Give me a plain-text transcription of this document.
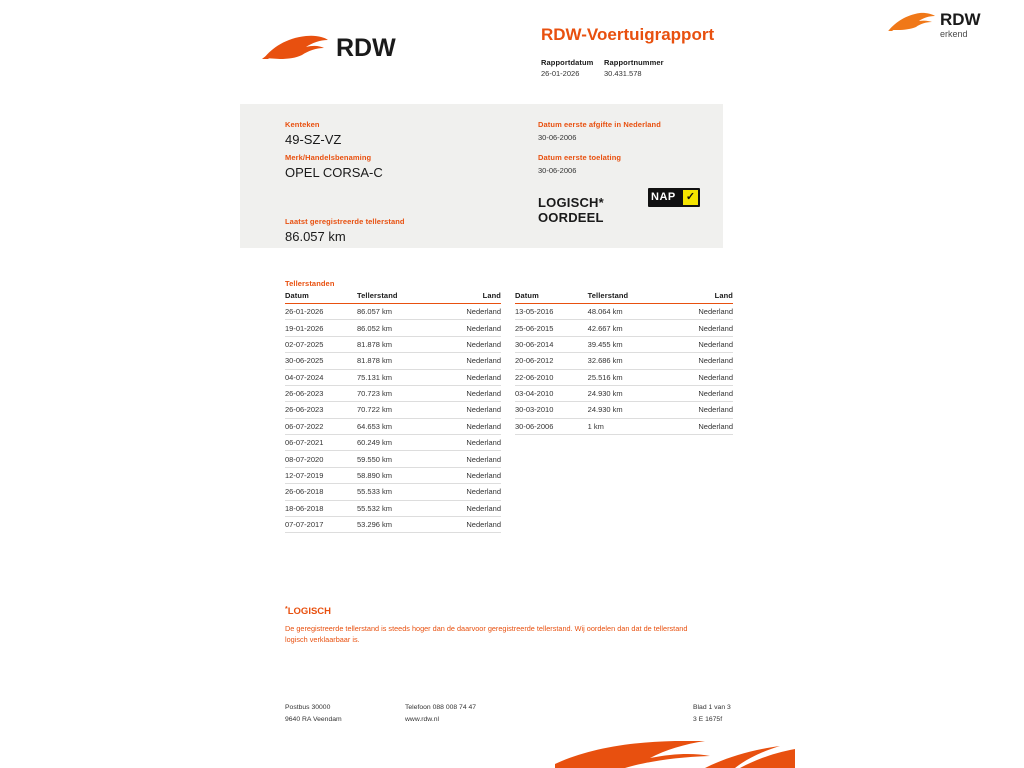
RDW
RDW
erkend
RDW-Voertuigrapport
Rapportdatum
26-01-2026
Rapportnummer
30.431.578
Kenteken
49-SZ-VZ
Merk/Handelsbenaming
OPEL CORSA-C
Laatst geregistreerde tellerstand
86.057 km
Datum eerste afgifte in Nederland
30-06-2006
Datum eerste toelating
30-06-2006
LOGISCH*
OORDEEL
NAP ✓
Tellerstanden
Datum	Tellerstand	Land
26-01-2026	86.057 km	Nederland
19-01-2026	86.052 km	Nederland
02-07-2025	81.878 km	Nederland
30-06-2025	81.878 km	Nederland
04-07-2024	75.131 km	Nederland
26-06-2023	70.723 km	Nederland
26-06-2023	70.722 km	Nederland
06-07-2022	64.653 km	Nederland
06-07-2021	60.249 km	Nederland
08-07-2020	59.550 km	Nederland
12-07-2019	58.890 km	Nederland
26-06-2018	55.533 km	Nederland
18-06-2018	55.532 km	Nederland
07-07-2017	53.296 km	Nederland
Datum	Tellerstand	Land
13-05-2016	48.064 km	Nederland
25-06-2015	42.667 km	Nederland
30-06-2014	39.455 km	Nederland
20-06-2012	32.686 km	Nederland
22-06-2010	25.516 km	Nederland
03-04-2010	24.930 km	Nederland
30-03-2010	24.930 km	Nederland
30-06-2006	1 km	Nederland
*LOGISCH
De geregistreerde tellerstand is steeds hoger dan de daarvoor geregistreerde tellerstand. Wij oordelen dan dat de tellerstand logisch verklaarbaar is.
Postbus 30000
9640 RA Veendam
Telefoon 088 008 74 47
www.rdw.nl
Blad 1 van 3
3 E 1675f
